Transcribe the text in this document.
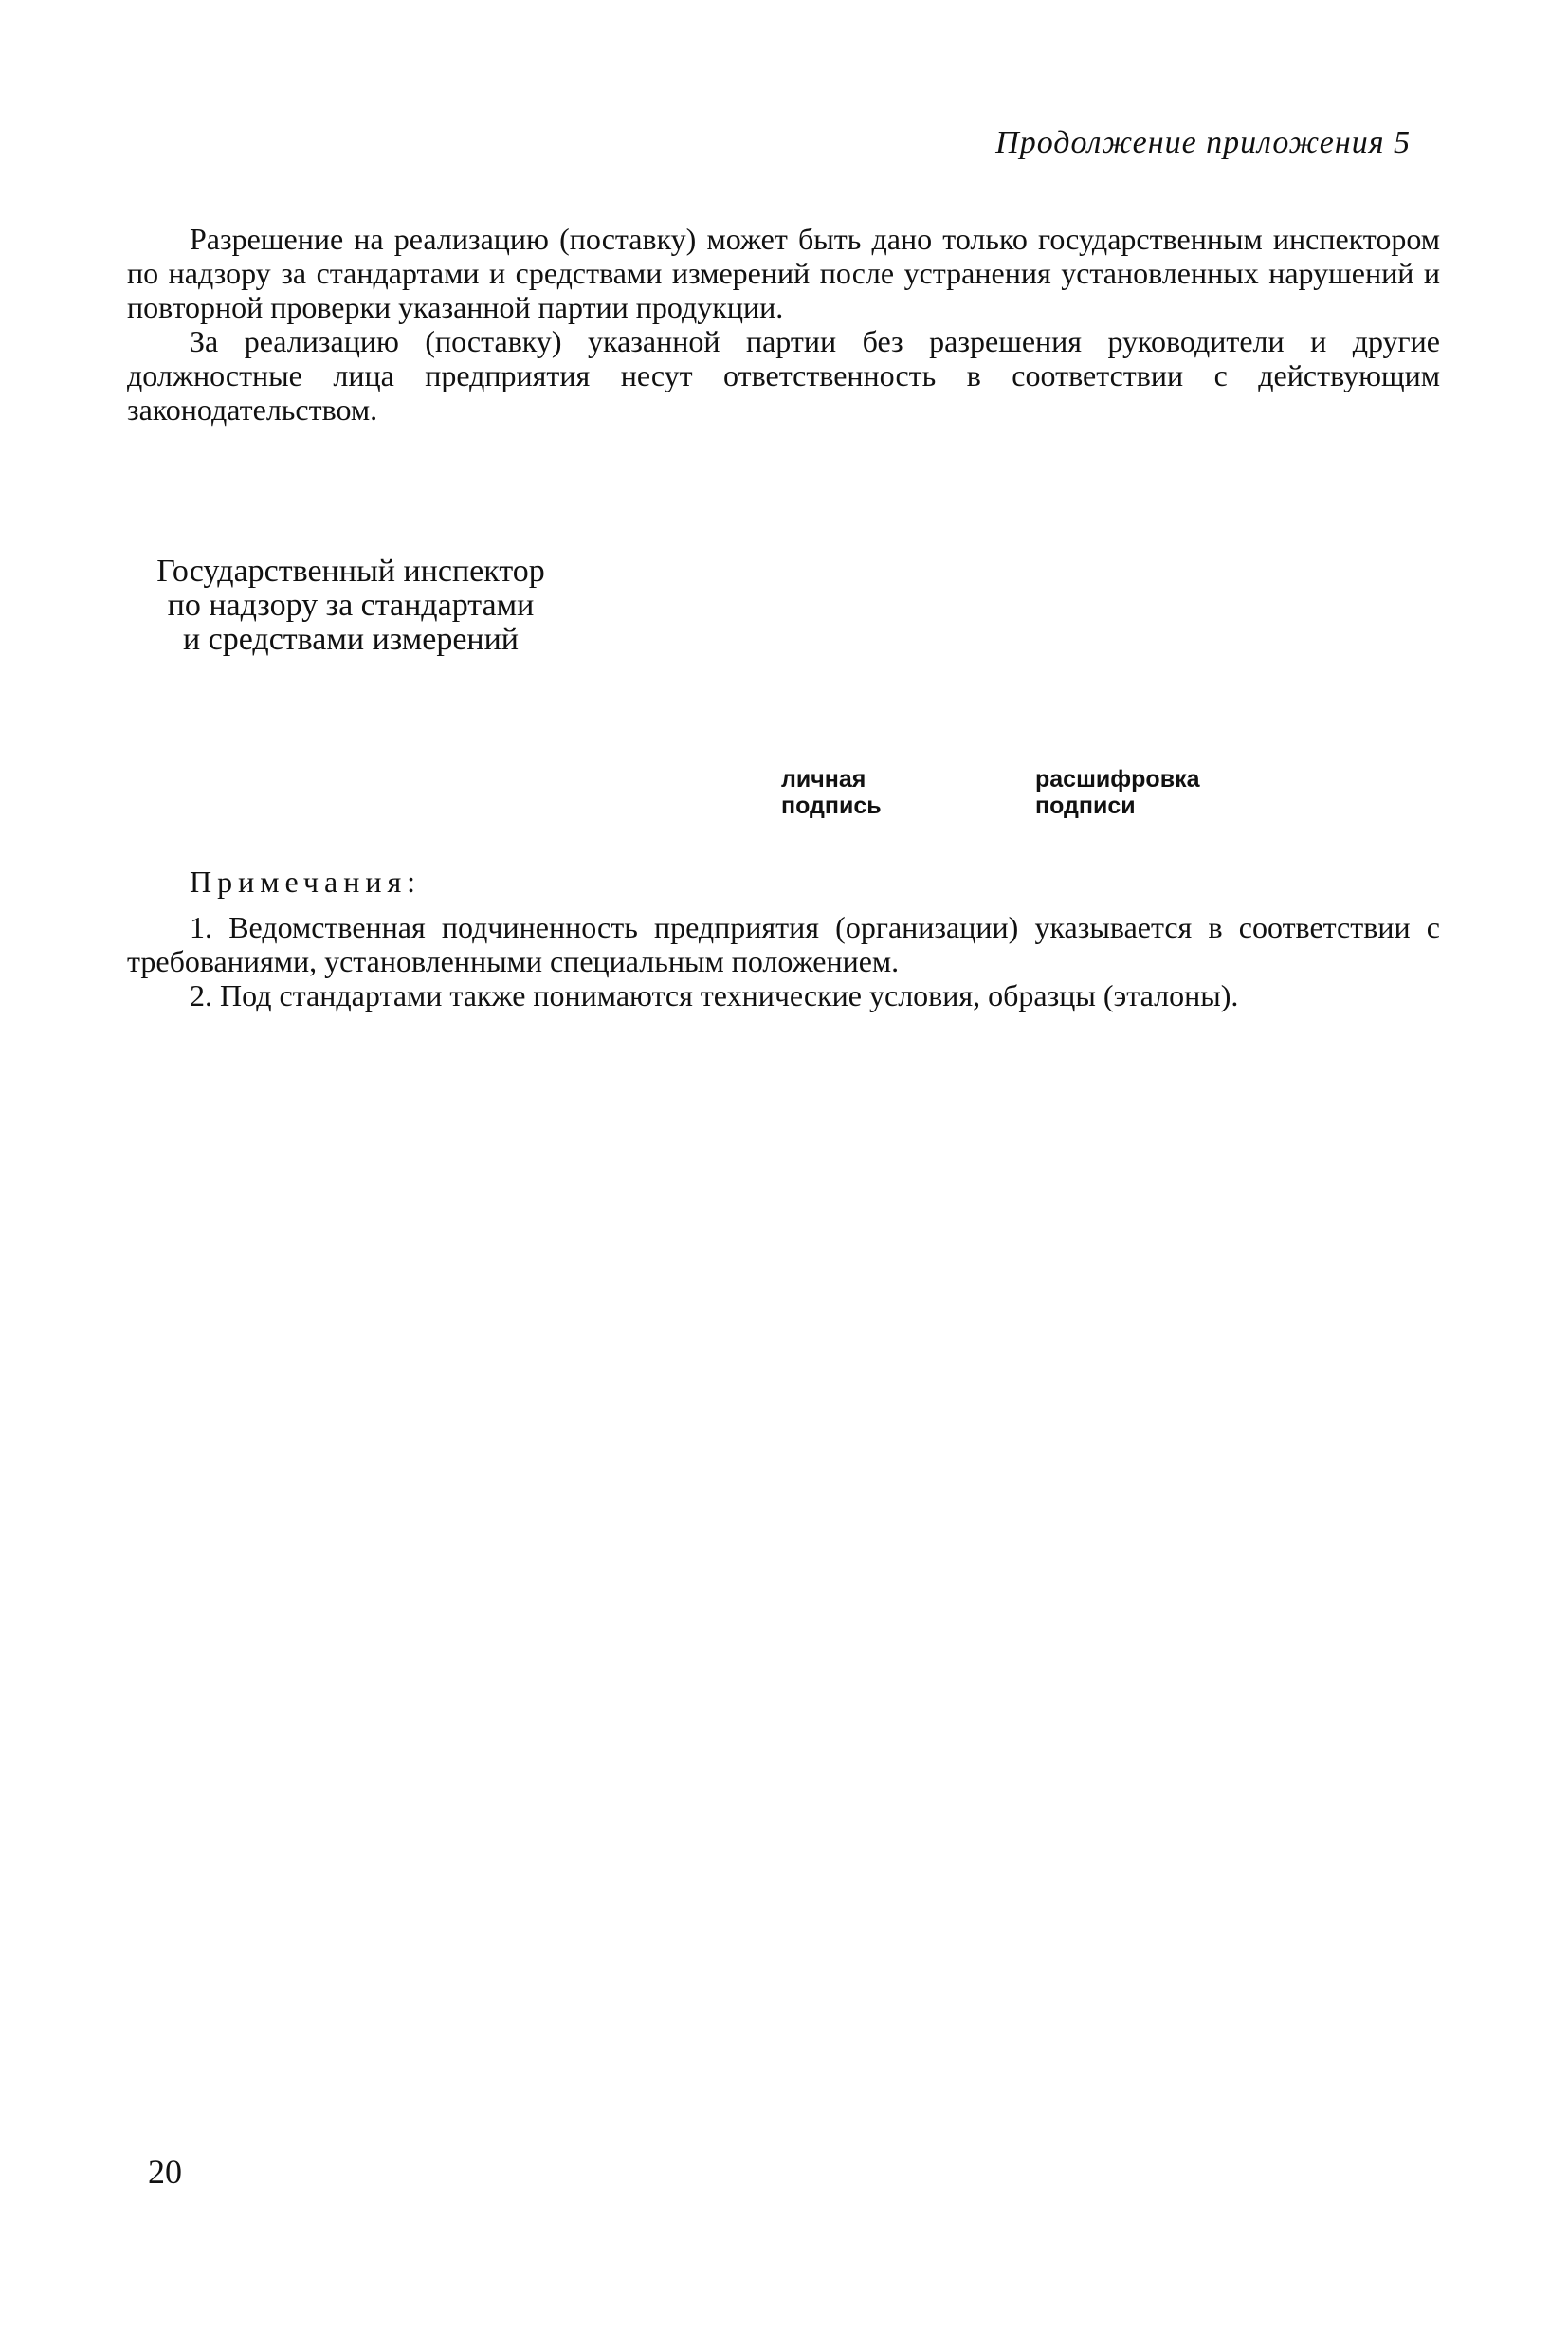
Продолжение приложения 5

Разрешение на реализацию (поставку) может быть дано только государственным инспектором по надзору за стандартами и средствами измерений после устранения установленных нарушений и повторной проверки указанной партии продукции.

За реализацию (поставку) указанной партии без разрешения руководители и другие должностные лица предприятия несут ответственность в соответствии с действующим законодательством.

Государственный инспектор
по надзору за стандартами
и средствами измерений
личная
подпись
расшифровка
подписи
Примечания:

1. Ведомственная подчиненность предприятия (организации) указывается в соответствии с требованиями, установленными специальным положением.

2. Под стандартами также понимаются технические условия, образцы (эталоны).

20
